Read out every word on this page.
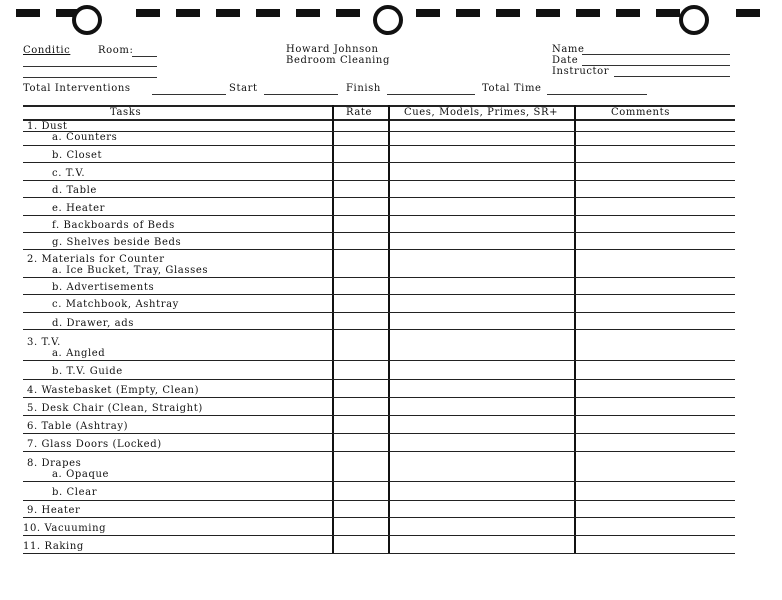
Conditic	Room:	Howard Johnson
Bedroom Cleaning
Name
Date
Instructor
Total Interventions	Start	Finish	Total Time
Tasks	Rate	Cues, Models, Primes, SR+	Comments
1. Dust
a. Counters
b. Closet
c. T.V.
d. Table
e. Heater
f. Backboards of Beds
g. Shelves beside Beds
2. Materials for Counter
a. Ice Bucket, Tray, Glasses
b. Advertisements
c. Matchbook, Ashtray
d. Drawer, ads
3. T.V.
a. Angled
b. T.V. Guide
4. Wastebasket (Empty, Clean)
5. Desk Chair (Clean, Straight)
6. Table (Ashtray)
7. Glass Doors (Locked)
8. Drapes
a. Opaque
b. Clear
9. Heater
10. Vacuuming
11. Raking
